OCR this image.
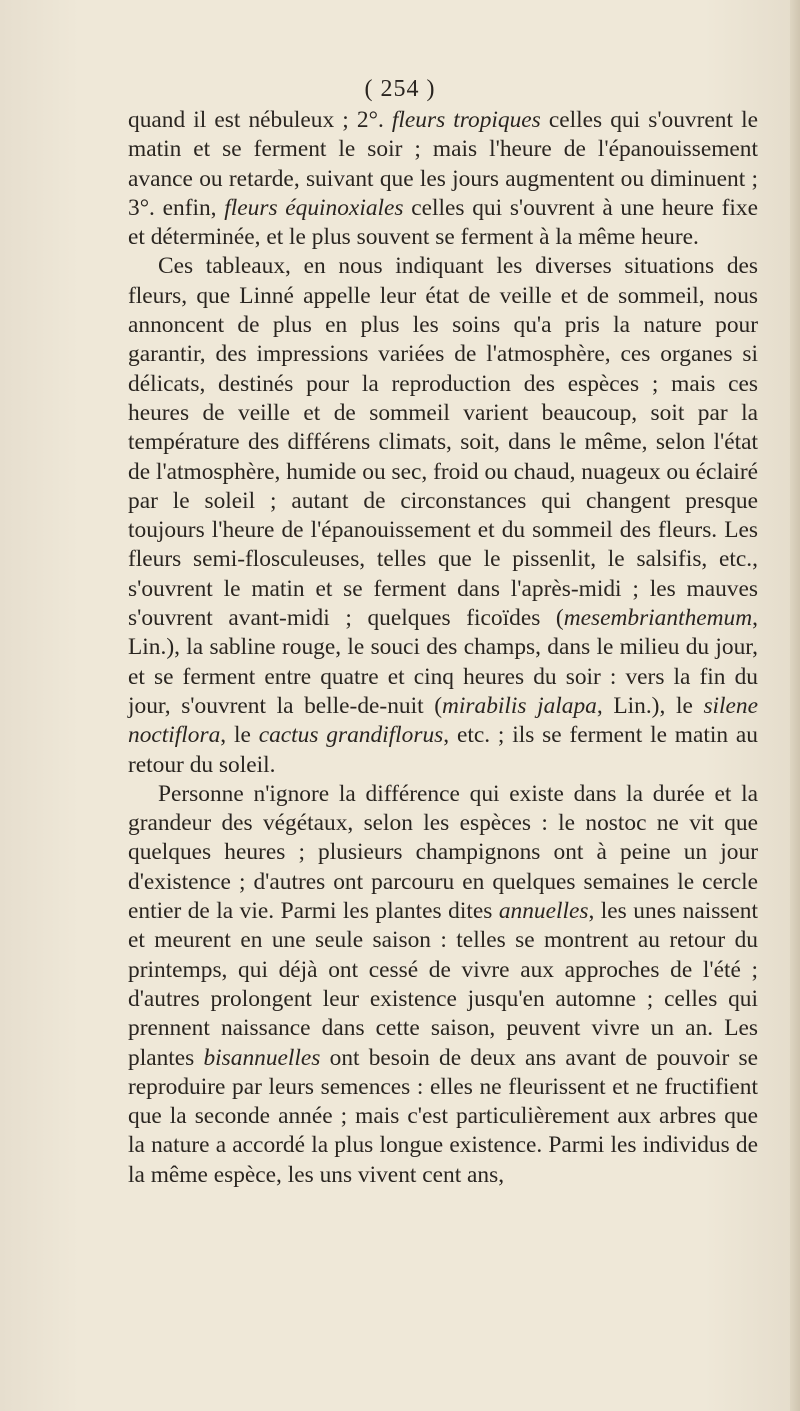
( 254 )

quand il est nébuleux ; 2°. fleurs tropiques celles qui s'ouvrent le matin et se ferment le soir ; mais l'heure de l'épanouissement avance ou retarde, suivant que les jours augmentent ou diminuent ; 3°. enfin, fleurs équinoxiales celles qui s'ouvrent à une heure fixe et déterminée, et le plus souvent se ferment à la même heure.

Ces tableaux, en nous indiquant les diverses situations des fleurs, que Linné appelle leur état de veille et de sommeil, nous annoncent de plus en plus les soins qu'a pris la nature pour garantir, des impressions variées de l'atmosphère, ces organes si délicats, destinés pour la reproduction des espèces ; mais ces heures de veille et de sommeil varient beaucoup, soit par la température des différens climats, soit, dans le même, selon l'état de l'atmosphère, humide ou sec, froid ou chaud, nuageux ou éclairé par le soleil ; autant de circonstances qui changent presque toujours l'heure de l'épanouissement et du sommeil des fleurs. Les fleurs semi-flosculeuses, telles que le pissenlit, le salsifis, etc., s'ouvrent le matin et se ferment dans l'après-midi ; les mauves s'ouvrent avant-midi ; quelques ficoïdes (mesembrianthemum, Lin.), la sabline rouge, le souci des champs, dans le milieu du jour, et se ferment entre quatre et cinq heures du soir : vers la fin du jour, s'ouvrent la belle-de-nuit (mirabilis jalapa, Lin.), le silene noctiflora, le cactus grandiflorus, etc. ; ils se ferment le matin au retour du soleil.

Personne n'ignore la différence qui existe dans la durée et la grandeur des végétaux, selon les espèces : le nostoc ne vit que quelques heures ; plusieurs champignons ont à peine un jour d'existence ; d'autres ont parcouru en quelques semaines le cercle entier de la vie. Parmi les plantes dites annuelles, les unes naissent et meurent en une seule saison : telles se montrent au retour du printemps, qui déjà ont cessé de vivre aux approches de l'été ; d'autres prolongent leur existence jusqu'en automne ; celles qui prennent naissance dans cette saison, peuvent vivre un an. Les plantes bisannuelles ont besoin de deux ans avant de pouvoir se reproduire par leurs semences : elles ne fleurissent et ne fructifient que la seconde année ; mais c'est particulièrement aux arbres que la nature a accordé la plus longue existence. Parmi les individus de la même espèce, les uns vivent cent ans,
